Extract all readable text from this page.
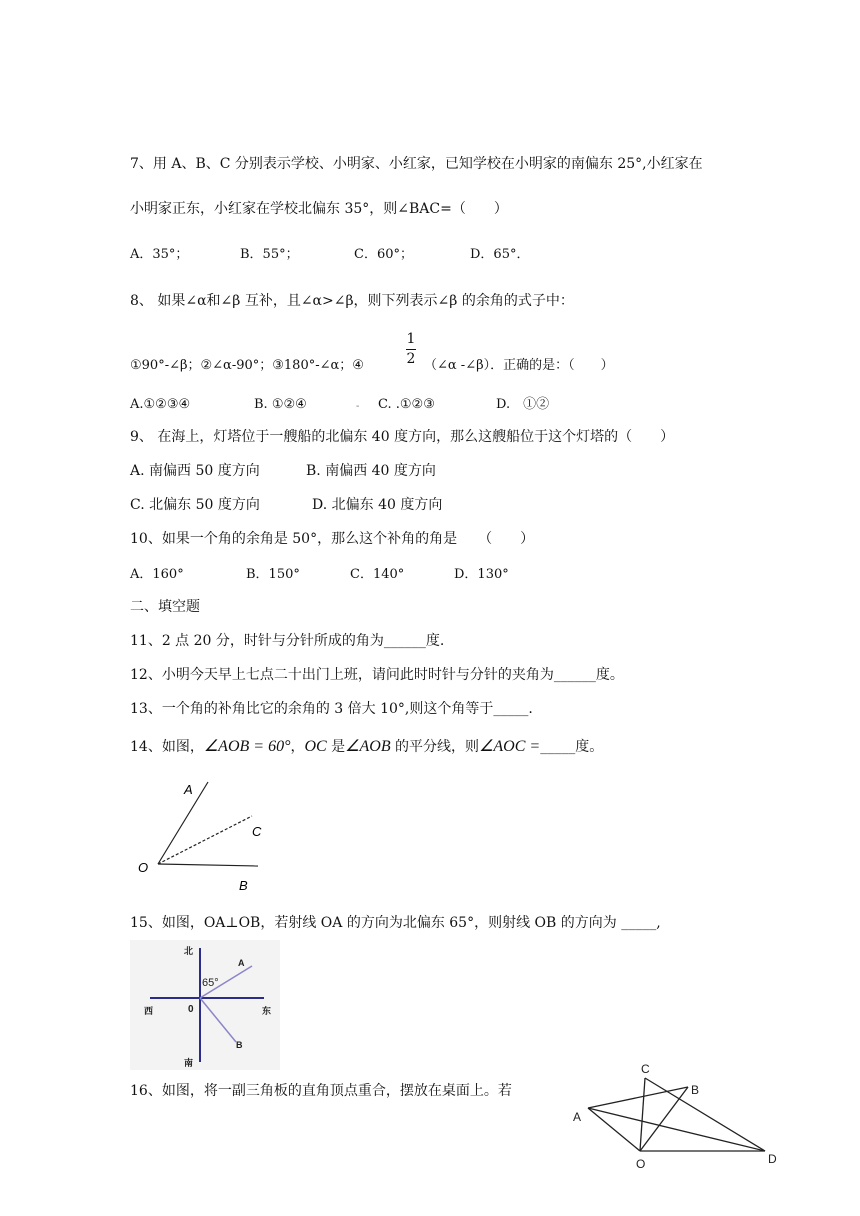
7、用 A、B、C 分别表示学校、小明家、小红家，已知学校在小明家的南偏东 25°,小红家在
小明家正东，小红家在学校北偏东 35°，则∠BAC=（　　）
A．35°；	B．55°；	C．60°；	D．65°．
8、 如果∠α和∠β 互补，且∠α>∠β，则下列表示∠β 的余角的式子中：
1
2
①90°-∠β；②∠α-90°；③180°-∠α；④	（∠α -∠β）．正确的是：（　　）
A.①②③④	B. ①②④	- C. .①②③	D.　①②
9、 在海上，灯塔位于一艘船的北偏东 40 度方向，那么这艘船位于这个灯塔的（　　）
A. 南偏西 50 度方向	B. 南偏西 40 度方向
C. 北偏东 50 度方向	D. 北偏东 40 度方向
10、如果一个角的余角是 50°，那么这个补角的角是　　（　　）
A．160°	B．150°	C．140°	D．130°
二、填空题
11、2 点 20 分，时针与分针所成的角为______度.
12、小明今天早上七点二十出门上班，请问此时时针与分针的夹角为______度。
13、一个角的补角比它的余角的 3 倍大 10°,则这个角等于_____.
14、如图，∠AOB = 60°，OC 是∠AOB 的平分线，则∠AOC =_____度。
A
C
O
B
15、如图，OA⊥OB，若射线 OA 的方向为北偏东 65°，则射线 OB 的方向为 _____,
北
65°
A
西	0	东
B
南
16、如图，将一副三角板的直角顶点重合，摆放在桌面上。若
C
B
A
O	D
